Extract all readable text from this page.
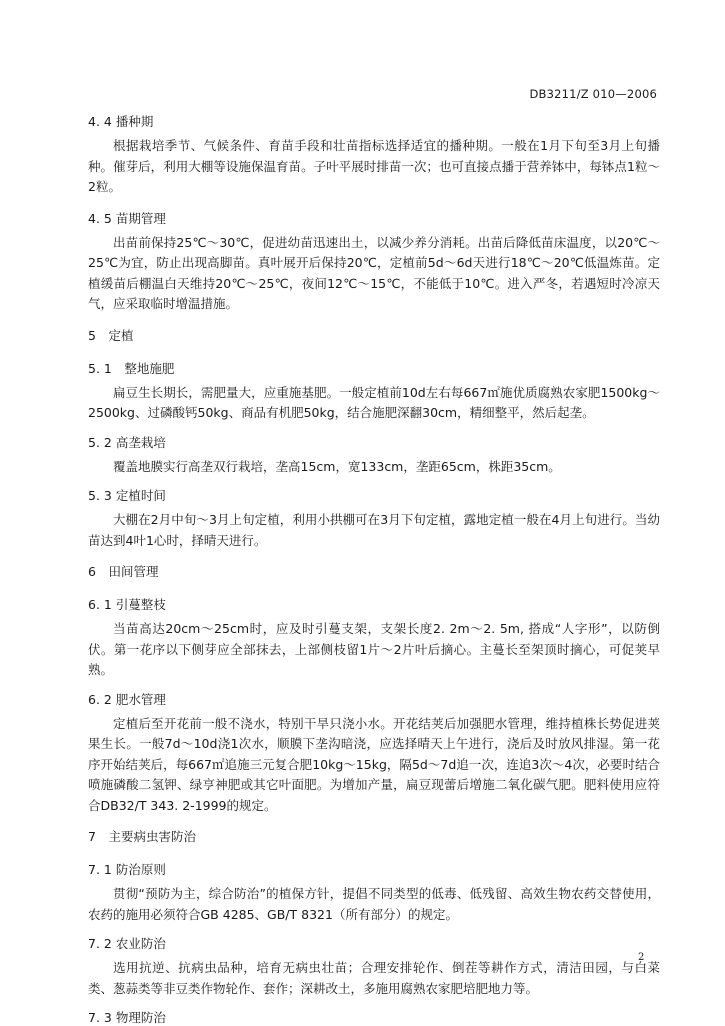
DB3211/Z 010—2006

4. 4 播种期

根据栽培季节、气候条件、育苗手段和壮苗指标选择适宜的播种期。一般在1月下旬至3月上旬播种。催芽后，利用大棚等设施保温育苗。子叶平展时排苗一次；也可直接点播于营养钵中，每钵点1粒～2粒。

4. 5 苗期管理

出苗前保持25℃～30℃，促进幼苗迅速出土，以减少养分消耗。出苗后降低苗床温度，以20℃～25℃为宜，防止出现高脚苗。真叶展开后保持20℃，定植前5d～6d天进行18℃～20℃低温炼苗。定植缓苗后棚温白天维持20℃～25℃，夜间12℃～15℃，不能低于10℃。进入严冬，若遇短时冷凉天气，应采取临时增温措施。

5　定植

5. 1　整地施肥

扁豆生长期长，需肥量大，应重施基肥。一般定植前10d左右每667㎡施优质腐熟农家肥1500kg～2500kg、过磷酸钙50kg、商品有机肥50kg，结合施肥深翻30cm，精细整平，然后起垄。

5. 2 高垄栽培

覆盖地膜实行高垄双行栽培，垄高15cm，宽133cm，垄距65cm，株距35cm。

5. 3 定植时间

大棚在2月中旬～3月上旬定植，利用小拱棚可在3月下旬定植，露地定植一般在4月上旬进行。当幼苗达到4叶1心时，择晴天进行。

6　田间管理

6. 1 引蔓整枝

当苗高达20cm～25cm时，应及时引蔓支架，支架长度2. 2m～2. 5m, 搭成“人字形”，以防倒伏。第一花序以下侧芽应全部抹去，上部侧枝留1片～2片叶后摘心。主蔓长至架顶时摘心，可促荚早熟。

6. 2 肥水管理

定植后至开花前一般不浇水，特别干旱只浇小水。开花结荚后加强肥水管理，维持植株长势促进荚果生长。一般7d～10d浇1次水，顺膜下垄沟暗浇，应选择晴天上午进行，浇后及时放风排湿。第一花序开始结荚后，每667㎡追施三元复合肥10kg～15kg，隔5d～7d追一次，连追3次～4次，必要时结合喷施磷酸二氢钾、绿亨神肥或其它叶面肥。为增加产量，扁豆现蕾后增施二氧化碳气肥。肥料使用应符合DB32/T 343. 2-1999的规定。

7　主要病虫害防治

7. 1 防治原则

贯彻“预防为主，综合防治”的植保方针，提倡不同类型的低毒、低残留、高效生物农药交替使用，农药的施用必须符合GB 4285、GB/T 8321（所有部分）的规定。

7. 2 农业防治

选用抗逆、抗病虫品种，培育无病虫壮苗；合理安排轮作、倒茬等耕作方式，清洁田园，与白菜类、葱蒜类等非豆类作物轮作、套作；深耕改土，多施用腐熟农家肥培肥地力等。

7. 3 物理防治

2
